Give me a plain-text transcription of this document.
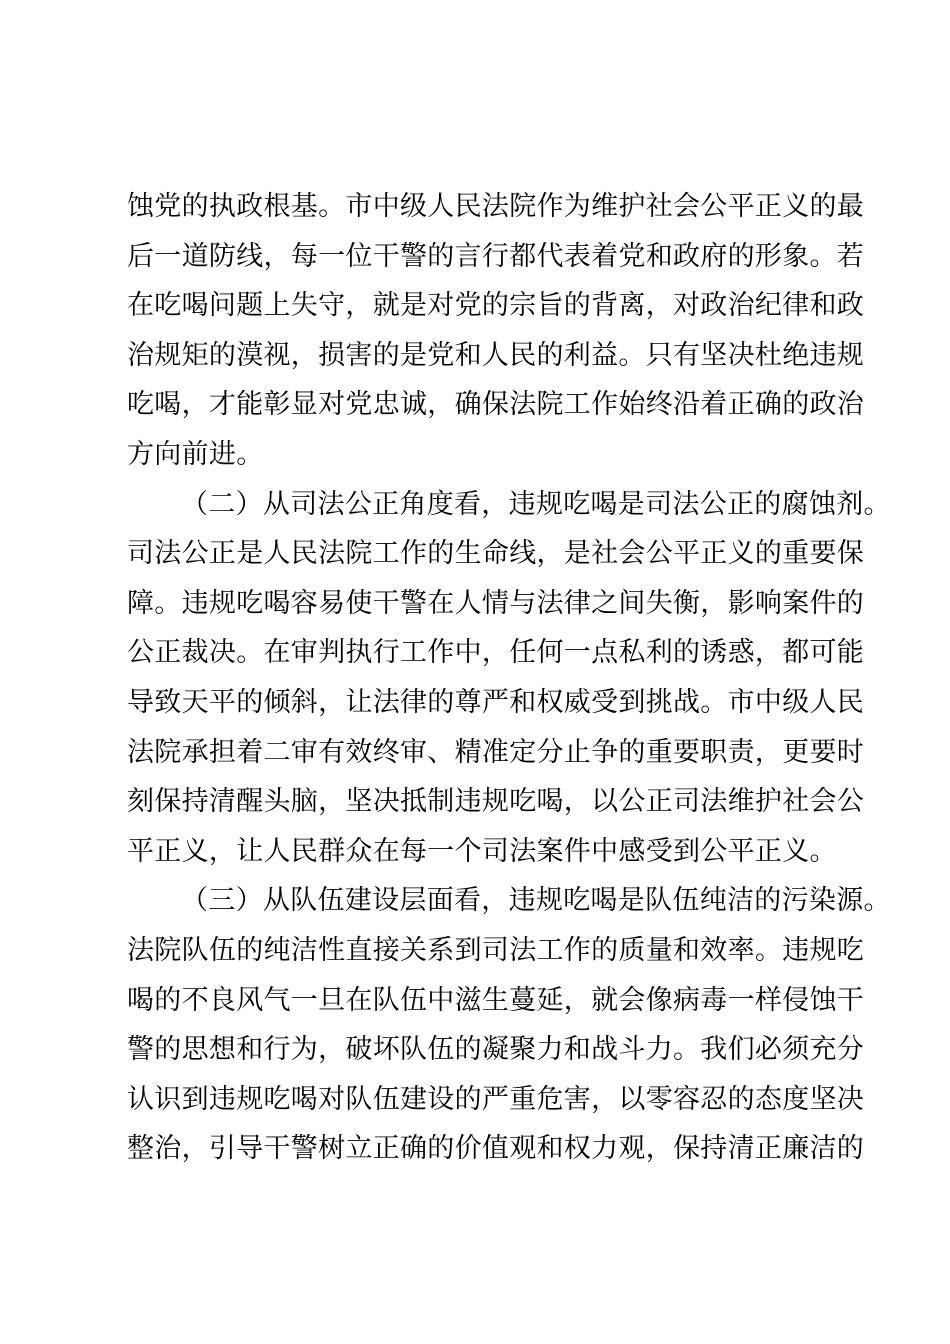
蚀党的执政根基。市中级人民法院作为维护社会公平正义的最
后一道防线，每一位干警的言行都代表着党和政府的形象。若
在吃喝问题上失守，就是对党的宗旨的背离，对政治纪律和政
治规矩的漠视，损害的是党和人民的利益。只有坚决杜绝违规
吃喝，才能彰显对党忠诚，确保法院工作始终沿着正确的政治
方向前进。
（二）从司法公正角度看，违规吃喝是司法公正的腐蚀剂。
司法公正是人民法院工作的生命线，是社会公平正义的重要保
障。违规吃喝容易使干警在人情与法律之间失衡，影响案件的
公正裁决。在审判执行工作中，任何一点私利的诱惑，都可能
导致天平的倾斜，让法律的尊严和权威受到挑战。市中级人民
法院承担着二审有效终审、精准定分止争的重要职责，更要时
刻保持清醒头脑，坚决抵制违规吃喝，以公正司法维护社会公
平正义，让人民群众在每一个司法案件中感受到公平正义。
（三）从队伍建设层面看，违规吃喝是队伍纯洁的污染源。
法院队伍的纯洁性直接关系到司法工作的质量和效率。违规吃
喝的不良风气一旦在队伍中滋生蔓延，就会像病毒一样侵蚀干
警的思想和行为，破坏队伍的凝聚力和战斗力。我们必须充分
认识到违规吃喝对队伍建设的严重危害，以零容忍的态度坚决
整治，引导干警树立正确的价值观和权力观，保持清正廉洁的
